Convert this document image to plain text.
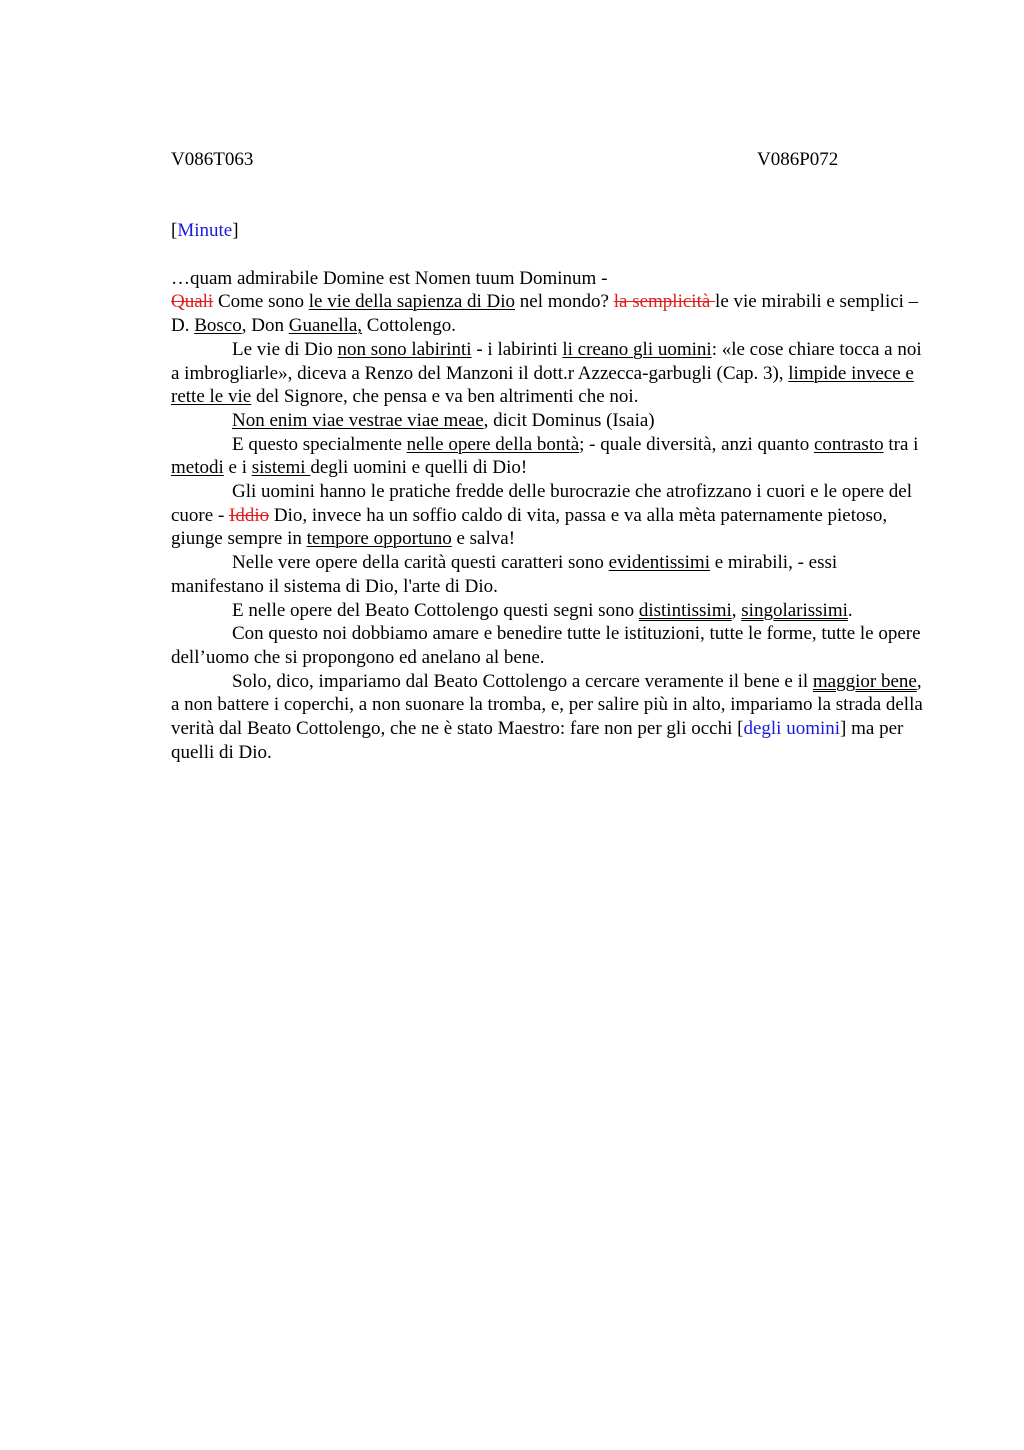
V086T063	V086P072
[Minute]

…quam admirabile Domine est Nomen tuum Dominum -

Quali Come sono le vie della sapienza di Dio nel mondo? la semplicità le vie mirabili e semplici – D. Bosco, Don Guanella, Cottolengo.

Le vie di Dio non sono labirinti - i labirinti li creano gli uomini: «le cose chiare tocca a noi a imbrogliarle», diceva a Renzo del Manzoni il dott.r Azzecca-garbugli (Cap. 3), limpide invece e rette le vie del Signore, che pensa e va ben altrimenti che noi.

Non enim viae vestrae viae meae, dicit Dominus (Isaia)

E questo specialmente nelle opere della bontà; - quale diversità, anzi quanto contrasto tra i metodi e i sistemi degli uomini e quelli di Dio!

Gli uomini hanno le pratiche fredde delle burocrazie che atrofizzano i cuori e le opere del cuore - Iddio Dio, invece ha un soffio caldo di vita, passa e va alla mèta paternamente pietoso, giunge sempre in tempore opportuno e salva!

Nelle vere opere della carità questi caratteri sono evidentissimi e mirabili, - essi manifestano il sistema di Dio, l'arte di Dio.

E nelle opere del Beato Cottolengo questi segni sono distintissimi, singolarissimi.

Con questo noi dobbiamo amare e benedire tutte le istituzioni, tutte le forme, tutte le opere dell’uomo che si propongono ed anelano al bene.

Solo, dico, impariamo dal Beato Cottolengo a cercare veramente il bene e il maggior bene, a non battere i coperchi, a non suonare la tromba, e, per salire più in alto, impariamo la strada della verità dal Beato Cottolengo, che ne è stato Maestro: fare non per gli occhi [degli uomini] ma per quelli di Dio.
